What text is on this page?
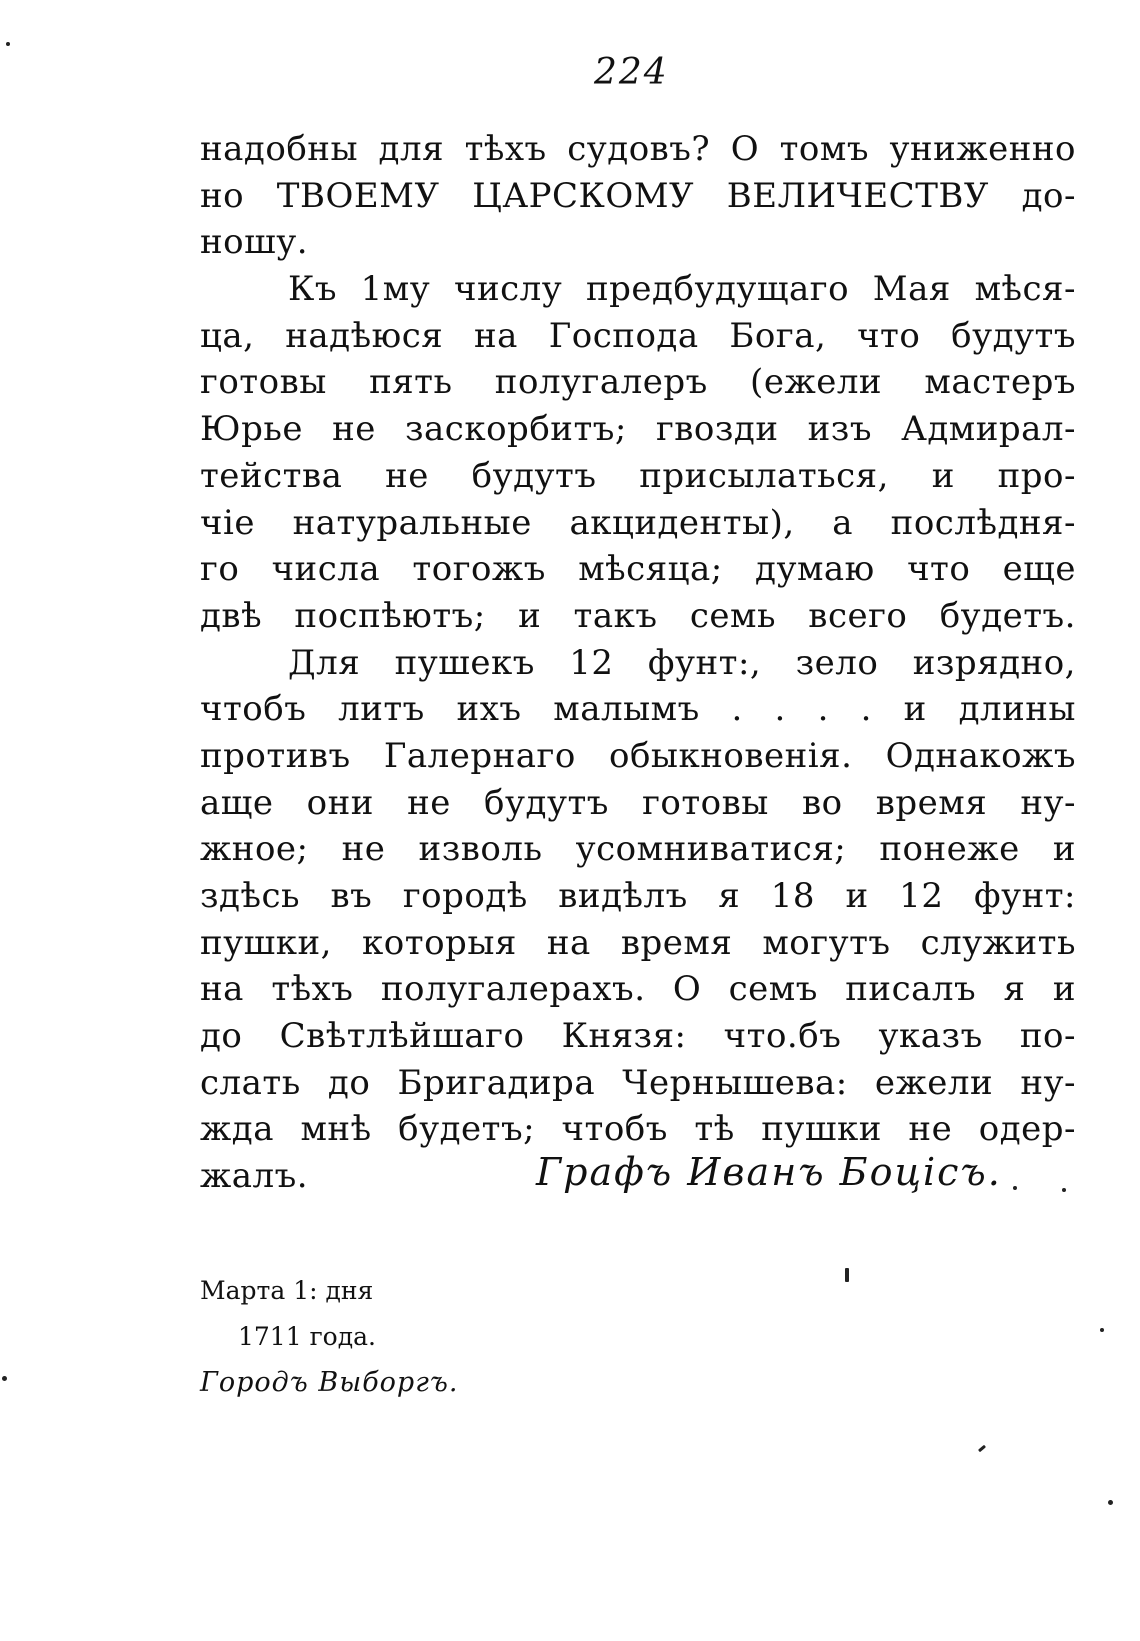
224
надобны для тѣхъ судовъ? О томъ униженно
но ТВОЕМУ ЦАРСКОМУ ВЕЛИЧЕСТВУ до-
ношу.
Къ 1му числу предбудущаго Мая мѣся-
ца, надѣюся на Господа Бога, что будутъ
готовы пять полугалеръ (ежели мастеръ
Юрье не заскорбитъ; гвозди изъ Адмирал-
тейства не будутъ присылаться, и про-
чіе натуральные акциденты), а послѣдня-
го числа тогожъ мѣсяца; думаю что еще
двѣ поспѣютъ; и такъ семь всего будетъ.
Для пушекъ 12 фунт:, зело изрядно,
чтобъ литъ ихъ малымъ . . . . и длины
противъ Галернаго обыкновенія. Однакожъ
аще они не будутъ готовы во время ну-
жное; не изволь усомниватися; понеже и
здѣсь въ городѣ видѣлъ я 18 и 12 фунт:
пушки, которыя на время могутъ служить
на тѣхъ полугалерахъ. О семъ писалъ я и
до Свѣтлѣйшаго Князя: что.бъ указъ по-
слать до Бригадира Чернышева: ежели ну-
жда мнѣ будетъ; чтобъ тѣ пушки не одер-
жалъ.	Графъ Иванъ Боцісъ.
Марта 1: дня
1711 года.
Городъ Выборгъ.
